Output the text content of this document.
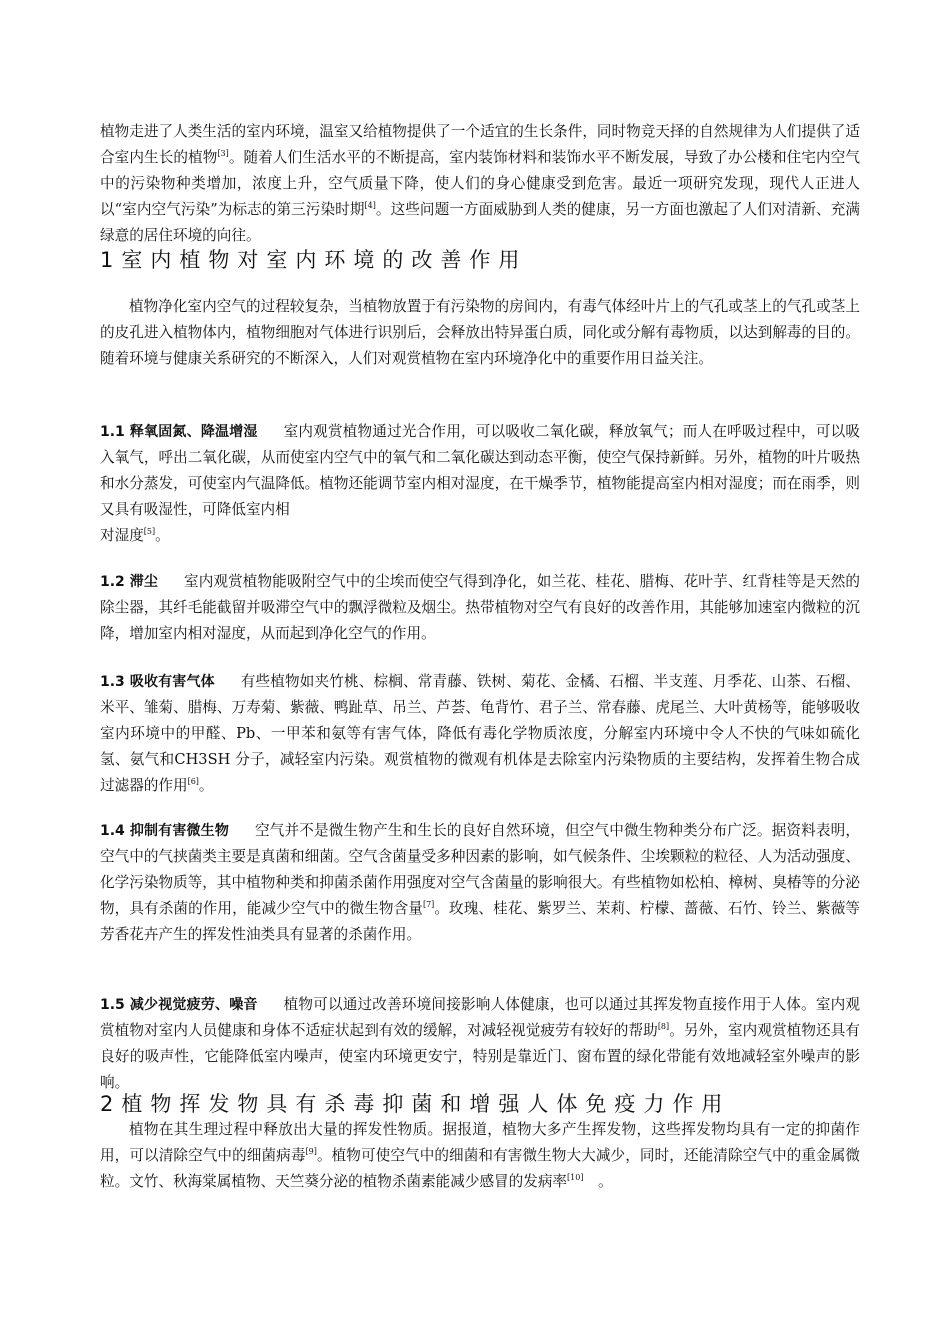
植物走进了人类生活的室内环境，温室又给植物提供了一个适宜的生长条件，同时物竞天择的自然规律为人们提供了适合室内生长的植物[3]。随着人们生活水平的不断提高，室内装饰材料和装饰水平不断发展，导致了办公楼和住宅内空气中的污染物种类增加，浓度上升，空气质量下降，使人们的身心健康受到危害。最近一项研究发现，现代人正进人以“室内空气污染”为标志的第三污染时期[4]。这些问题一方面威胁到人类的健康，另一方面也激起了人们对清新、充满绿意的居住环境的向往。

1室内植物对室内环境的改善作用

植物净化室内空气的过程较复杂，当植物放置于有污染物的房间内，有毒气体经叶片上的气孔或茎上的气孔或茎上的皮孔进入植物体内，植物细胞对气体进行识别后，会释放出特异蛋白质，同化或分解有毒物质，以达到解毒的目的。随着环境与健康关系研究的不断深入，人们对观赏植物在室内环境净化中的重要作用日益关注。

1.1 释氧固氮、降温增湿 室内观赏植物通过光合作用，可以吸收二氧化碳，释放氧气；而人在呼吸过程中，可以吸入氧气，呼出二氧化碳，从而使室内空气中的氧气和二氧化碳达到动态平衡，使空气保持新鲜。另外，植物的叶片吸热和水分蒸发，可使室内气温降低。植物还能调节室内相对湿度，在干燥季节，植物能提高室内相对湿度；而在雨季，则又具有吸湿性，可降低室内相
对湿度[5]。

1.2 滞尘 室内观赏植物能吸附空气中的尘埃而使空气得到净化，如兰花、桂花、腊梅、花叶芋、红背桂等是天然的除尘器，其纤毛能截留并吸滞空气中的飘浮微粒及烟尘。热带植物对空气有良好的改善作用，其能够加速室内微粒的沉降，增加室内相对湿度，从而起到净化空气的作用。

1.3 吸收有害气体 有些植物如夹竹桃、棕榈、常青藤、铁树、菊花、金橘、石榴、半支莲、月季花、山茶、石榴、米平、雏菊、腊梅、万寿菊、紫薇、鸭趾草、吊兰、芦荟、龟背竹、君子兰、常春藤、虎尾兰、大叶黄杨等，能够吸收室内环境中的甲醛、Pb、一甲苯和氨等有害气体，降低有毒化学物质浓度，分解室内环境中令人不快的气味如硫化氢、氨气和CH3SH 分子，减轻室内污染。观赏植物的微观有机体是去除室内污染物质的主要结构，发挥着生物合成过滤器的作用[6]。

1.4 抑制有害微生物 空气并不是微生物产生和生长的良好自然环境，但空气中微生物种类分布广泛。据资料表明，空气中的气挟菌类主要是真菌和细菌。空气含菌量受多种因素的影响，如气候条件、尘埃颗粒的粒径、人为活动强度、化学污染物质等，其中植物种类和抑菌杀菌作用强度对空气含菌量的影响很大。有些植物如松柏、樟树、臭椿等的分泌物，具有杀菌的作用，能减少空气中的微生物含量[7]。玫瑰、桂花、紫罗兰、茉莉、柠檬、蔷薇、石竹、铃兰、紫薇等芳香花卉产生的挥发性油类具有显著的杀菌作用。

1.5 减少视觉疲劳、噪音 植物可以通过改善环境间接影响人体健康，也可以通过其挥发物直接作用于人体。室内观赏植物对室内人员健康和身体不适症状起到有效的缓解，对减轻视觉疲劳有较好的帮助[8]。另外，室内观赏植物还具有良好的吸声性，它能降低室内噪声，使室内环境更安宁，特别是靠近门、窗布置的绿化带能有效地减轻室外噪声的影响。

2植物挥发物具有杀毒抑菌和增强人体免疫力作用

植物在其生理过程中释放出大量的挥发性物质。据报道，植物大多产生挥发物，这些挥发物均具有一定的抑菌作用，可以清除空气中的细菌病毒[9]。植物可使空气中的细菌和有害微生物大大减少，同时，还能清除空气中的重金属微粒。文竹、秋海棠属植物、天竺葵分泌的植物杀菌素能减少感冒的发病率[10]　。
